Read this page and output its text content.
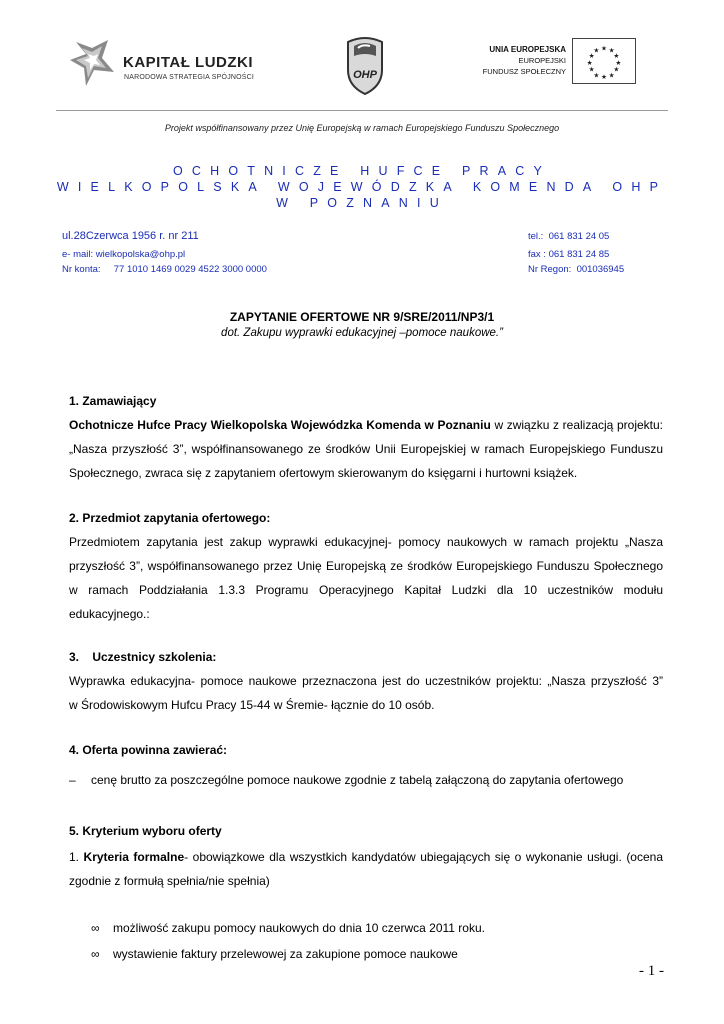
KAPITAŁ LUDZKI
NARODOWA STRATEGIA SPÓJNOŚCI	OHP
UNIA EUROPEJSKA
EUROPEJSKI
FUNDUSZ SPOŁECZNY
★ ★
★
★
★
★
★
★
★
★
★
★
Projekt współfinansowany przez Unię Europejską w ramach Europejskiego Funduszu Społecznego
OCHOTNICZE HUFCE PRACY
WIELKOPOLSKA WOJEWÓDZKA KOMENDA OHP
W POZNANIU
ul.28Czerwca 1956 r. nr 211
e- mail: wielkopolska@ohp.pl
Nr konta:     77 1010 1469 0029 4522 3000 0000
tel.:  061 831 24 05
fax : 061 831 24 85
Nr Regon:  001036945
ZAPYTANIE OFERTOWE NR 9/SRE/2011/NP3/1
dot. Zakupu wyprawki edukacyjnej –pomoce naukowe.”
1. Zamawiający
Ochotnicze Hufce Pracy Wielkopolska Wojewódzka Komenda w Poznaniu w związku z realizacją projektu:
„Nasza przyszłość 3”, współfinansowanego ze środków Unii Europejskiej w ramach Europejskiego Funduszu
Społecznego, zwraca się z zapytaniem ofertowym skierowanym do księgarni i hurtowni książek.
2. Przedmiot zapytania ofertowego:
Przedmiotem zapytania jest zakup wyprawki edukacyjnej- pomocy naukowych w ramach projektu „Nasza
przyszłość 3”, współfinansowanego przez Unię Europejską ze środków Europejskiego Funduszu Społecznego
w ramach Poddziałania 1.3.3 Programu Operacyjnego Kapitał Ludzki dla 10 uczestników modułu
edukacyjnego.:
3.    Uczestnicy szkolenia:
Wyprawka edukacyjna- pomoce naukowe przeznaczona jest do uczestników projektu: „Nasza przyszłość 3”
w Środowiskowym Hufcu Pracy 15-44 w Śremie- łącznie do 10 osób.
4. Oferta powinna zawierać:
– cenę brutto za poszczególne pomoce naukowe zgodnie z tabelą załączoną do zapytania ofertowego
5. Kryterium wyboru oferty
1. Kryteria formalne- obowiązkowe dla wszystkich kandydatów ubiegających się o wykonanie usługi. (ocena
zgodnie z formułą spełnia/nie spełnia)
∞ możliwość zakupu pomocy naukowych do dnia 10 czerwca 2011 roku.
∞ wystawienie faktury przelewowej za zakupione pomoce naukowe
- 1 -
